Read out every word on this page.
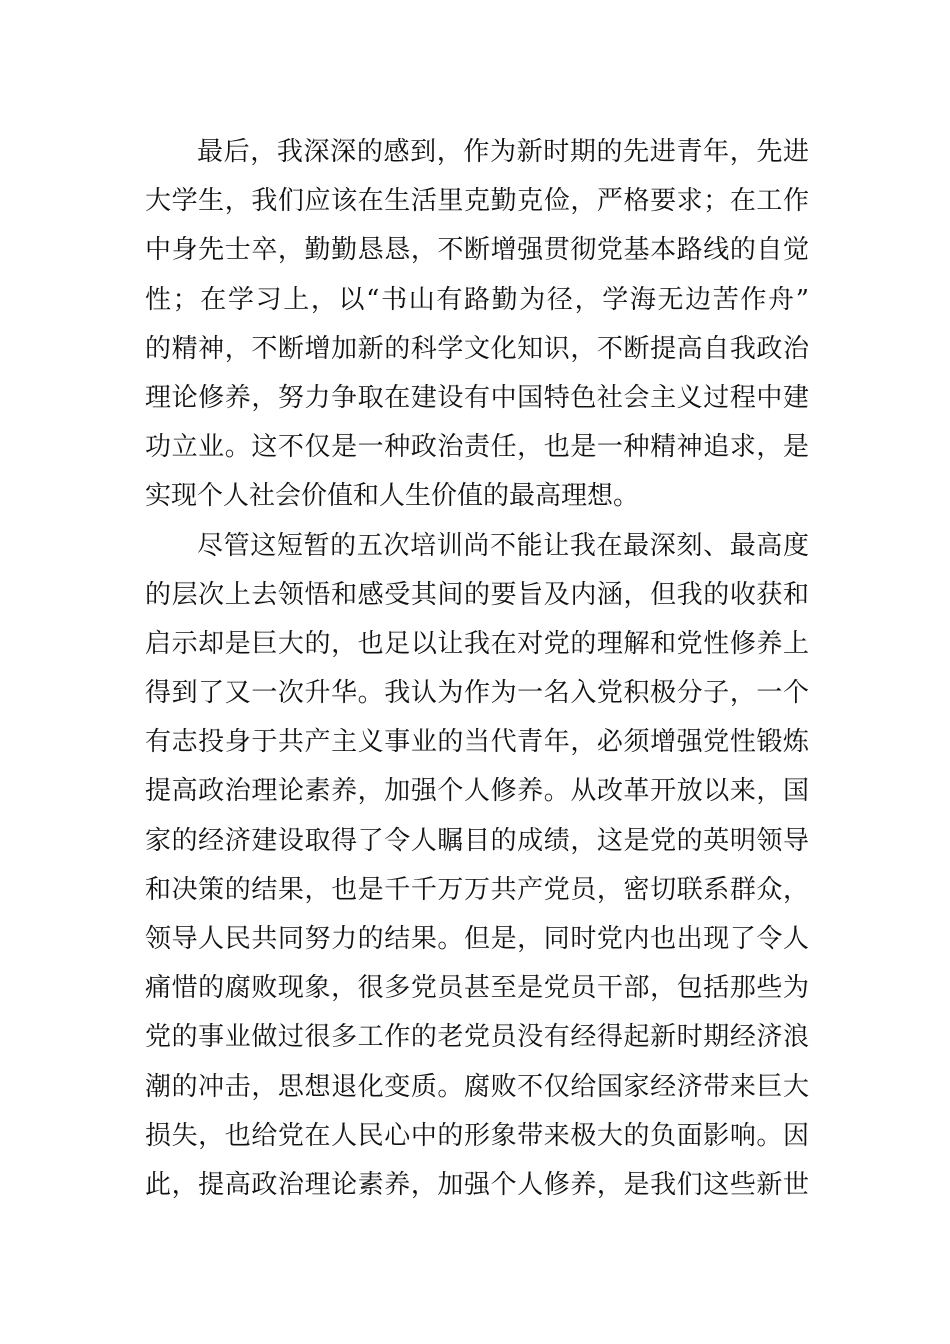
最后，我深深的感到，作为新时期的先进青年，先进
大学生，我们应该在生活里克勤克俭，严格要求；在工作
中身先士卒，勤勤恳恳，不断增强贯彻党基本路线的自觉
性；在学习上，以“书山有路勤为径，学海无边苦作舟”
的精神，不断增加新的科学文化知识，不断提高自我政治
理论修养，努力争取在建设有中国特色社会主义过程中建
功立业。这不仅是一种政治责任，也是一种精神追求，是
实现个人社会价值和人生价值的最高理想。
尽管这短暂的五次培训尚不能让我在最深刻、最高度
的层次上去领悟和感受其间的要旨及内涵，但我的收获和
启示却是巨大的，也足以让我在对党的理解和党性修养上
得到了又一次升华。我认为作为一名入党积极分子，一个
有志投身于共产主义事业的当代青年，必须增强党性锻炼
提高政治理论素养，加强个人修养。从改革开放以来，国
家的经济建设取得了令人瞩目的成绩，这是党的英明领导
和决策的结果，也是千千万万共产党员，密切联系群众，
领导人民共同努力的结果。但是，同时党内也出现了令人
痛惜的腐败现象，很多党员甚至是党员干部，包括那些为
党的事业做过很多工作的老党员没有经得起新时期经济浪
潮的冲击，思想退化变质。腐败不仅给国家经济带来巨大
损失，也给党在人民心中的形象带来极大的负面影响。因
此，提高政治理论素养，加强个人修养，是我们这些新世
